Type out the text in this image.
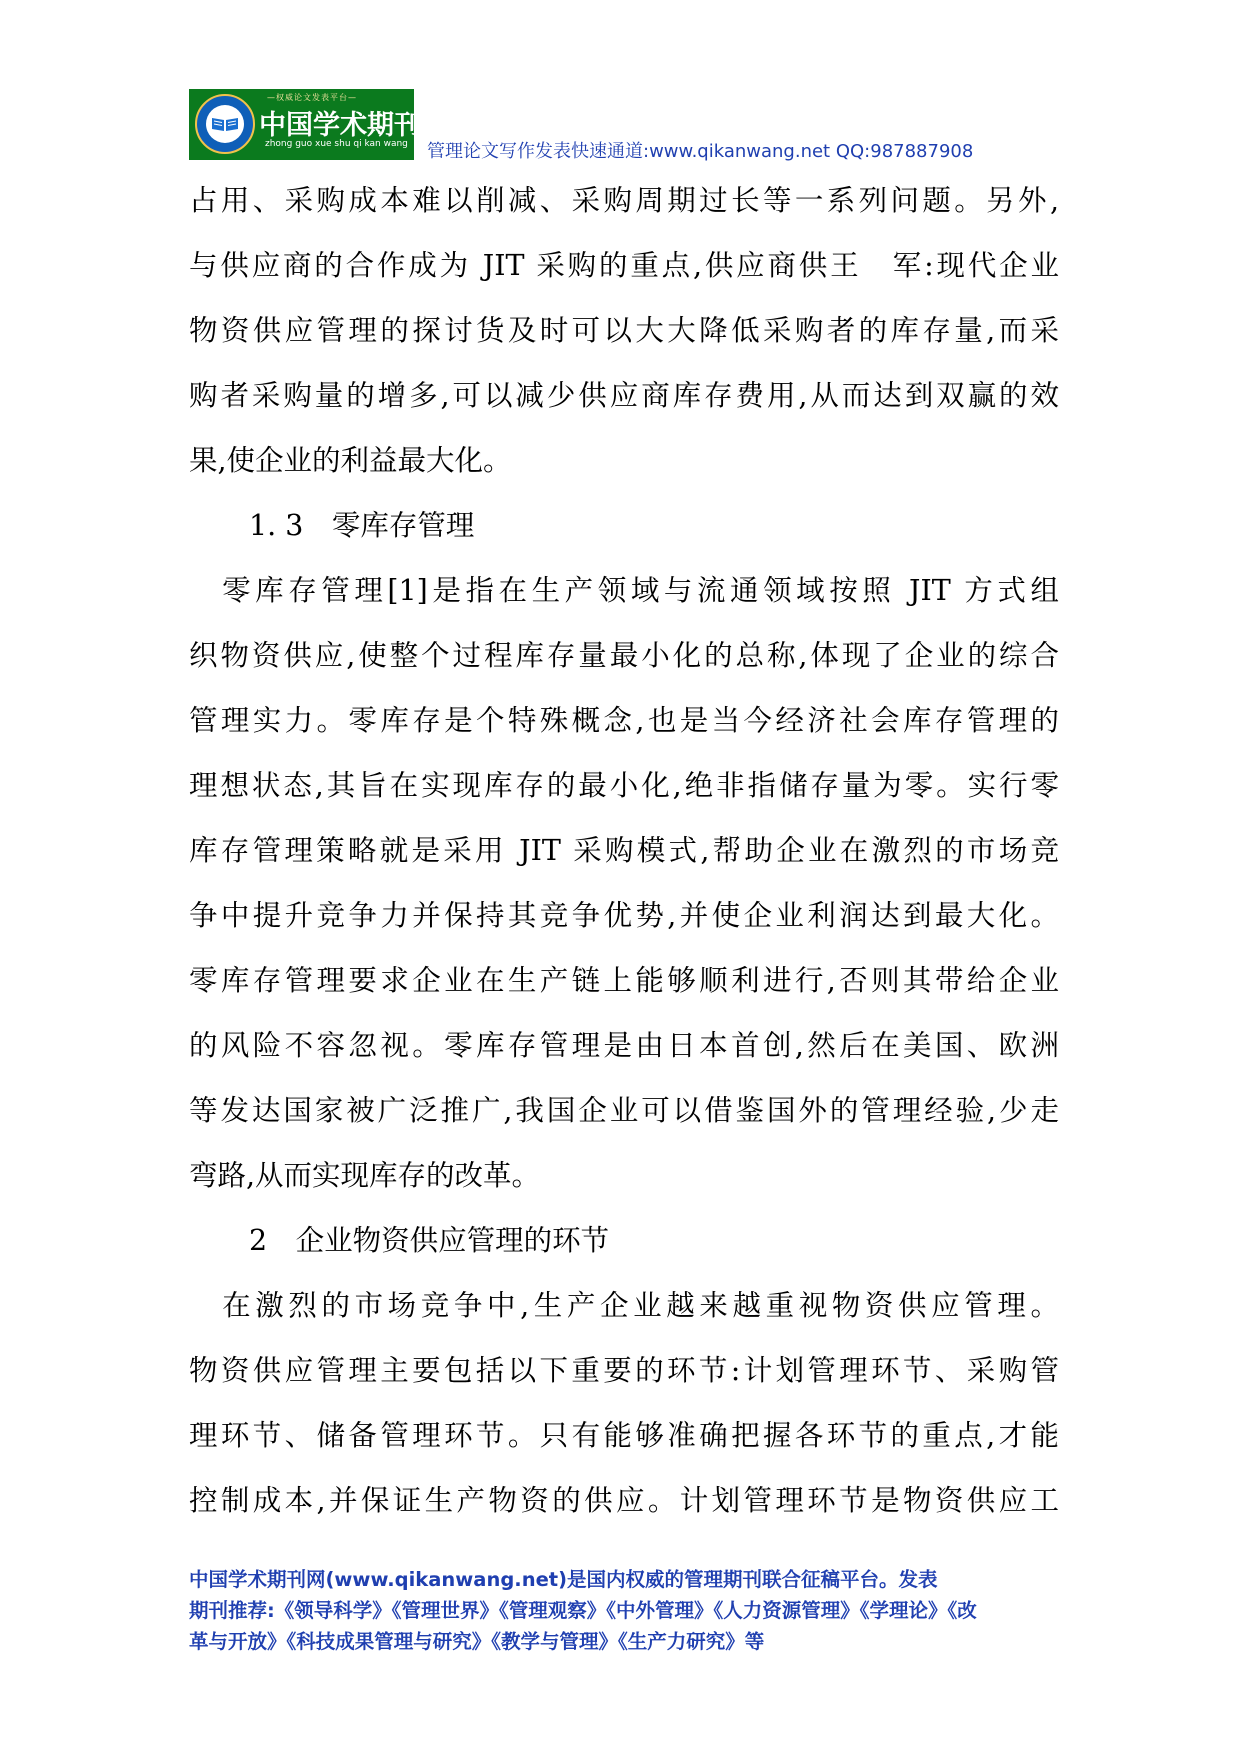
—权威论文发表平台—
中国学术期刊网
zhong guo xue shu qi kan wang 管理论文写作发表快速通道:www.qikanwang.net QQ:987887908
占用、采购成本难以削减、采购周期过长等一系列问题。另外,
与供应商的合作成为 JIT 采购的重点,供应商供王　军:现代企业
物资供应管理的探讨货及时可以大大降低采购者的库存量,而采
购者采购量的增多,可以减少供应商库存费用,从而达到双赢的效
果,使企业的利益最大化。
1. 3　零库存管理
　零库存管理[1]是指在生产领域与流通领域按照 JIT 方式组
织物资供应,使整个过程库存量最小化的总称,体现了企业的综合
管理实力。零库存是个特殊概念,也是当今经济社会库存管理的
理想状态,其旨在实现库存的最小化,绝非指储存量为零。实行零
库存管理策略就是采用 JIT 采购模式,帮助企业在激烈的市场竞
争中提升竞争力并保持其竞争优势,并使企业利润达到最大化。
零库存管理要求企业在生产链上能够顺利进行,否则其带给企业
的风险不容忽视。零库存管理是由日本首创,然后在美国、欧洲
等发达国家被广泛推广,我国企业可以借鉴国外的管理经验,少走
弯路,从而实现库存的改革。
2　企业物资供应管理的环节
　在激烈的市场竞争中,生产企业越来越重视物资供应管理。
物资供应管理主要包括以下重要的环节:计划管理环节、采购管
理环节、储备管理环节。只有能够准确把握各环节的重点,才能
控制成本,并保证生产物资的供应。计划管理环节是物资供应工
中国学术期刊网(www.qikanwang.net)是国内权威的管理期刊联合征稿平台。发表
期刊推荐:《领导科学》《管理世界》《管理观察》《中外管理》《人力资源管理》《学理论》《改
革与开放》《科技成果管理与研究》《教学与管理》《生产力研究》等
